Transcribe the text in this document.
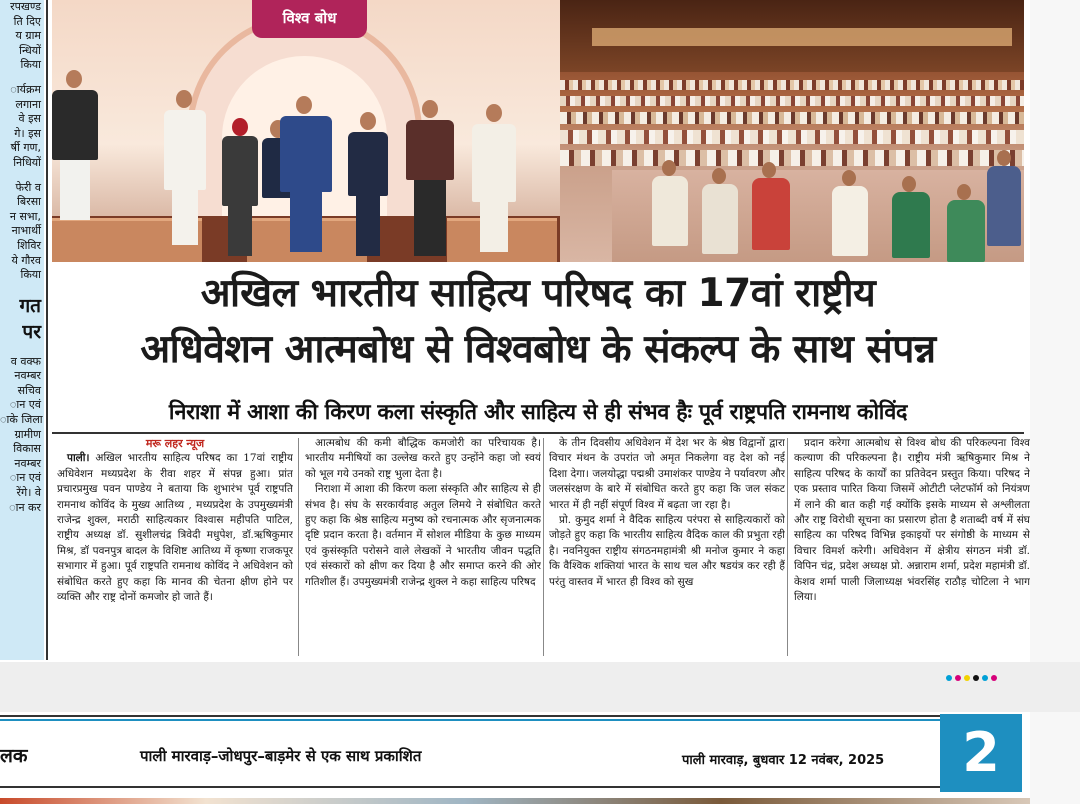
रपखण्ड
ति दिए
य ग्राम
न्धियों
किया
ार्यक्रम
लगाना
वे इस
गे। इस
र्षी गण,
निधियों
फेरी व
बिरसा
न सभा,
नाभार्थी
शिविर
ये गौरव
किया
गत
पर
व वक्फ
नवम्बर
सचिव
ान एवं
ाके जिला
ग्रामीण
विकास
नवम्बर
ान एवं
रेंगे। वे
ान कर
विश्व बोध
अखिल भारतीय साहित्य परिषद का 17वां राष्ट्रीय
अधिवेशन आत्मबोध से विश्वबोध के संकल्प के साथ संपन्न
निराशा में आशा की किरण कला संस्कृति और साहित्य से ही संभव हैः पूर्व राष्ट्रपति रामनाथ कोविंद

मरू लहर न्यूज

पाली। अखिल भारतीय साहित्य परिषद का 17वां राष्ट्रीय अधिवेशन मध्यप्रदेश के रीवा शहर में संपन्न हुआ। प्रांत प्रचारप्रमुख पवन पाण्डेय ने बताया कि शुभारंभ पूर्व राष्ट्रपति रामनाथ कोविंद के मुख्य आतिथ्य , मध्यप्रदेश के उपमुख्यमंत्री राजेन्द्र शुक्ल, मराठी साहित्यकार विश्वास महीपति पाटिल, राष्ट्रीय अध्यक्ष डॉ. सुशीलचंद्र त्रिवेदी मधुपेश, डॉ.ऋषिकुमार मिश्र, डॉ पवनपुत्र बादल के विशिष्ट आतिथ्य में कृष्णा राजकपूर सभागार में हुआ। पूर्व राष्ट्रपति रामनाथ कोविंद ने अधिवेशन को संबोधित करते हुए कहा कि मानव की चेतना क्षीण होने पर व्यक्ति और राष्ट्र दोनों कमजोर हो जाते हैं।

आत्मबोध की कमी बौद्धिक कमजोरी का परिचायक है। भारतीय मनीषियों का उल्लेख करते हुए उन्होंने कहा जो स्वयं को भूल गये उनको राष्ट्र भुला देता है।

निराशा में आशा की किरण कला संस्कृति और साहित्य से ही संभव है। संघ के सरकार्यवाह अतुल लिमये ने संबोधित करते हुए कहा कि श्रेष्ठ साहित्य मनुष्य को रचनात्मक और सृजनात्मक दृष्टि प्रदान करता है। वर्तमान में सोशल मीडिया के कुछ माध्यम एवं कुसंस्कृति परोसने वाले लेखकों ने भारतीय जीवन पद्धति एवं संस्कारों को क्षीण कर दिया है और समाप्त करने की ओर गतिशील हैं। उपमुख्यमंत्री राजेन्द्र शुक्ल ने कहा साहित्य परिषद

के तीन दिवसीय अधिवेशन में देश भर के श्रेष्ठ विद्वानों द्वारा विचार मंथन के उपरांत जो अमृत निकलेगा वह देश को नई दिशा देगा। जलयोद्धा पद्मश्री उमाशंकर पाण्डेय ने पर्यावरण और जलसंरक्षण के बारे में संबोधित करते हुए कहा कि जल संकट भारत में ही नहीं संपूर्ण विश्व में बढ़ता जा रहा है।

प्रो. कुमुद शर्मा ने वैदिक साहित्य परंपरा से साहित्यकारों को जोड़ते हुए कहा कि भारतीय साहित्य वैदिक काल की प्रभुता रही है। नवनियुक्त राष्ट्रीय संगठनमहामंत्री श्री मनोज कुमार ने कहा कि वैश्विक शक्तियां भारत के साथ चल और षडयंत्र कर रही हैं परंतु वास्तव में भारत ही विश्व को सुख

प्रदान करेगा आत्मबोध से विश्व बोध की परिकल्पना विश्व कल्याण की परिकल्पना है। राष्ट्रीय मंत्री ऋषिकुमार मिश्र ने साहित्य परिषद के कार्यों का प्रतिवेदन प्रस्तुत किया। परिषद ने एक प्रस्ताव पारित किया जिसमें ओटीटी प्लेटफॉर्म को नियंत्रण में लाने की बात कही गई क्योंकि इसके माध्यम से अश्लीलता और राष्ट्र विरोधी सूचना का प्रसारण होता है शताब्दी वर्ष में संघ साहित्य का परिषद विभिन्न इकाइयों पर संगोष्ठी के माध्यम से विचार विमर्श करेगी। अधिवेशन में क्षेत्रीय संगठन मंत्री डॉ. विपिन चंद्र, प्रदेश अध्यक्ष प्रो. अन्नाराम शर्मा, प्रदेश महामंत्री डॉ. केशव शर्मा पाली जिलाध्यक्ष भंवरसिंह राठौड़ चोटिला ने भाग लिया।

लक	पाली मारवाड़–जोधपुर–बाड़मेर से एक साथ प्रकाशित	पाली मारवाड़, बुधवार 12 नवंबर, 2025	2
